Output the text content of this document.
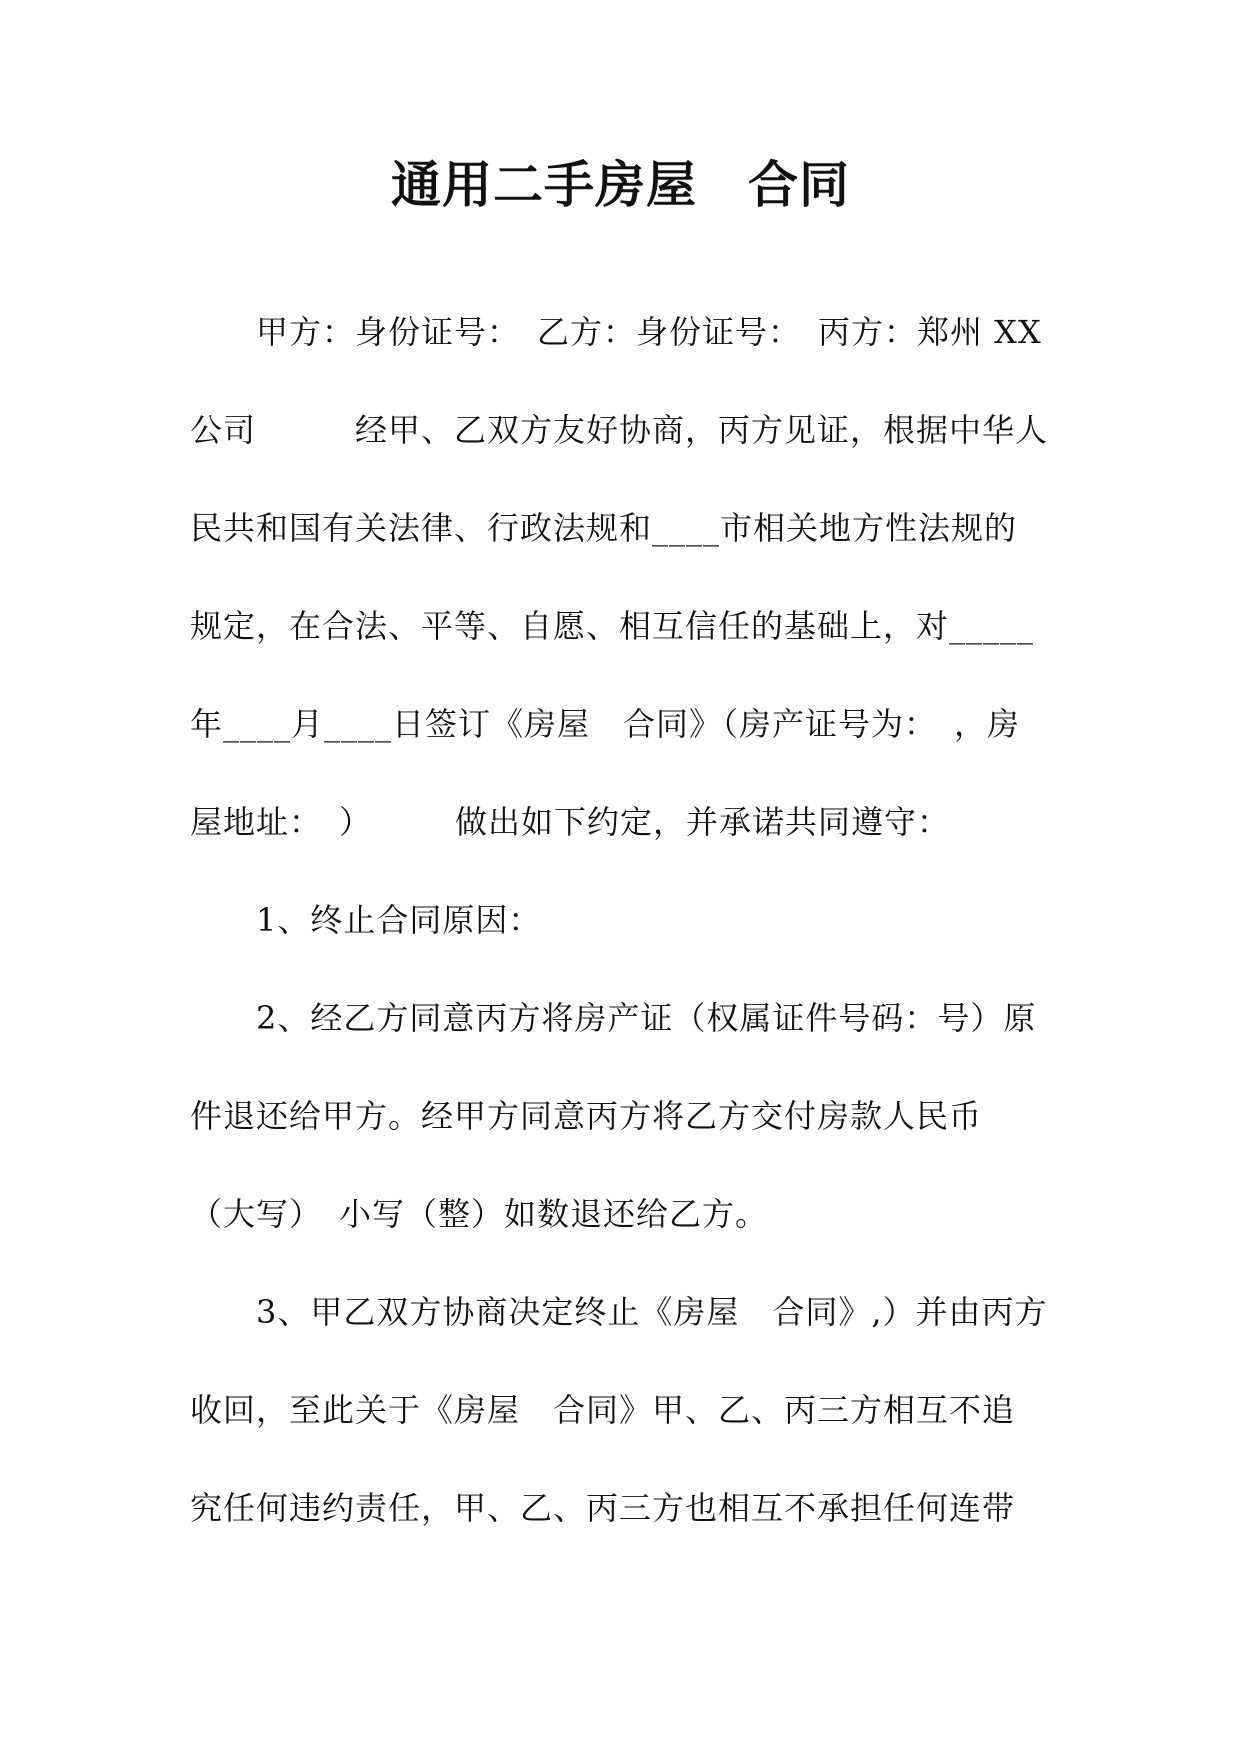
通用二手房屋　合同
甲方：身份证号：　乙方：身份证号：　丙方：郑州 XX
公司　　　经甲、乙双方友好协商，丙方见证，根据中华人
民共和国有关法律、行政法规和____市相关地方性法规的
规定，在合法、平等、自愿、相互信任的基础上，对_____
年____月____日签订《房屋　合同》（房产证号为：　，房
屋地址：　）　　　做出如下约定，并承诺共同遵守：
1、终止合同原因：
2、经乙方同意丙方将房产证（权属证件号码：号）原
件退还给甲方。经甲方同意丙方将乙方交付房款人民币
（大写）　小写（整）如数退还给乙方。
3、甲乙双方协商决定终止《房屋　合同》,）并由丙方
收回，至此关于《房屋　合同》甲、乙、丙三方相互不追
究任何违约责任，甲、乙、丙三方也相互不承担任何连带
